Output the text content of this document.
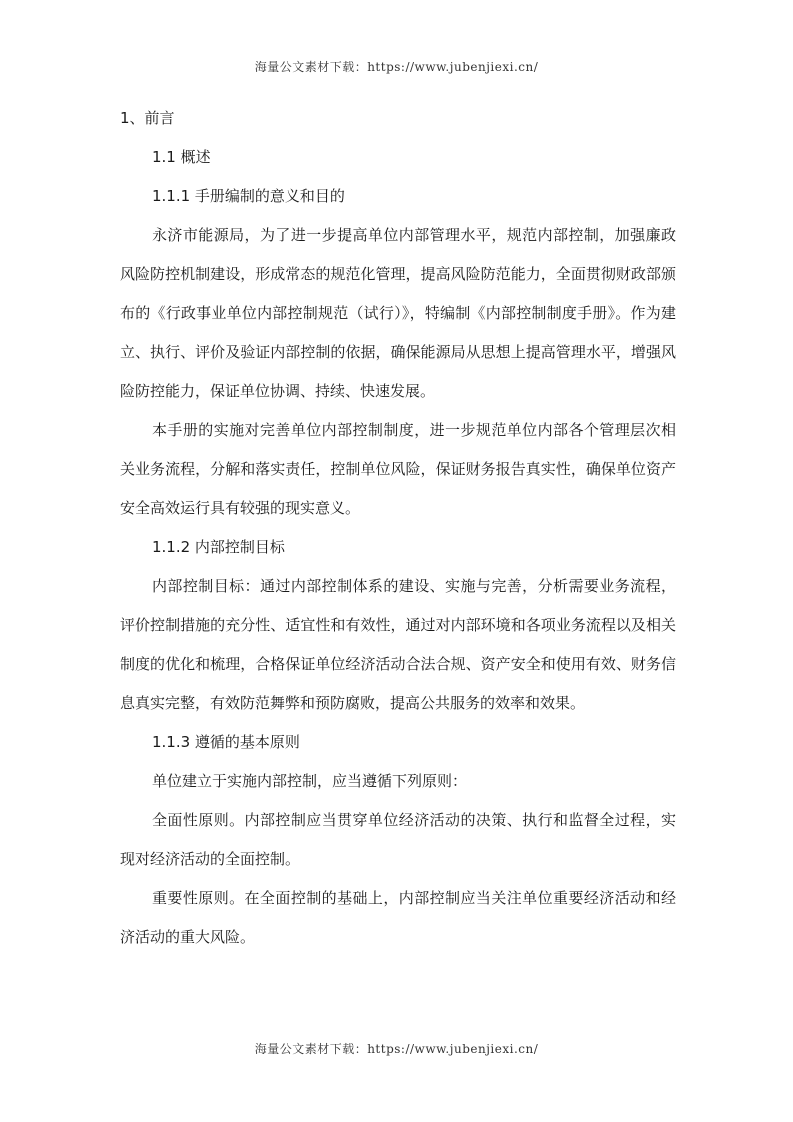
海量公文素材下载：https://www.jubenjiexi.cn/

1、前言

1.1 概述

1.1.1 手册编制的意义和目的

永济市能源局，为了进一步提高单位内部管理水平，规范内部控制，加强廉政风险防控机制建设，形成常态的规范化管理，提高风险防范能力，全面贯彻财政部颁布的《行政事业单位内部控制规范（试行）》，特编制《内部控制制度手册》。作为建立、执行、评价及验证内部控制的依据，确保能源局从思想上提高管理水平，增强风险防控能力，保证单位协调、持续、快速发展。

本手册的实施对完善单位内部控制制度，进一步规范单位内部各个管理层次相关业务流程，分解和落实责任，控制单位风险，保证财务报告真实性，确保单位资产安全高效运行具有较强的现实意义。

1.1.2 内部控制目标

内部控制目标：通过内部控制体系的建设、实施与完善，分析需要业务流程，评价控制措施的充分性、适宜性和有效性，通过对内部环境和各项业务流程以及相关制度的优化和梳理，合格保证单位经济活动合法合规、资产安全和使用有效、财务信息真实完整，有效防范舞弊和预防腐败，提高公共服务的效率和效果。

1.1.3 遵循的基本原则

单位建立于实施内部控制，应当遵循下列原则：

全面性原则。内部控制应当贯穿单位经济活动的决策、执行和监督全过程，实现对经济活动的全面控制。

重要性原则。在全面控制的基础上，内部控制应当关注单位重要经济活动和经济活动的重大风险。

海量公文素材下载：https://www.jubenjiexi.cn/
